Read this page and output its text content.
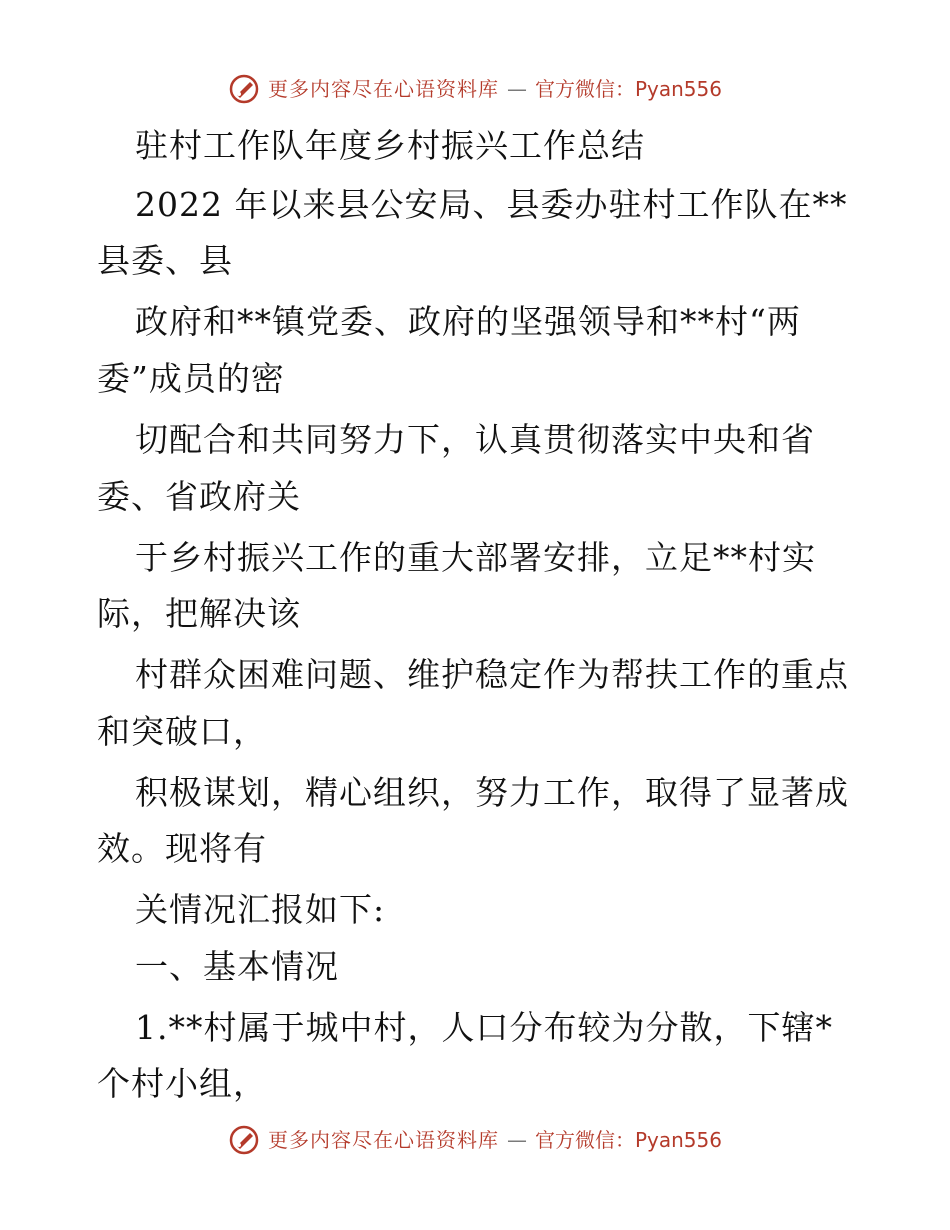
更多内容尽在心语资料库 — 官方微信：Pyan556
驻村工作队年度乡村振兴工作总结
2022 年以来县公安局、县委办驻村工作队在**
县委、县
政府和**镇党委、政府的坚强领导和**村“两
委”成员的密
切配合和共同努力下，认真贯彻落实中央和省
委、省政府关
于乡村振兴工作的重大部署安排，立足**村实
际，把解决该
村群众困难问题、维护稳定作为帮扶工作的重点
和突破口，
积极谋划，精心组织，努力工作，取得了显著成
效。现将有
关情况汇报如下:
一、基本情况
1.**村属于城中村，人口分布较为分散，下辖*
个村小组，
更多内容尽在心语资料库 — 官方微信：Pyan556
